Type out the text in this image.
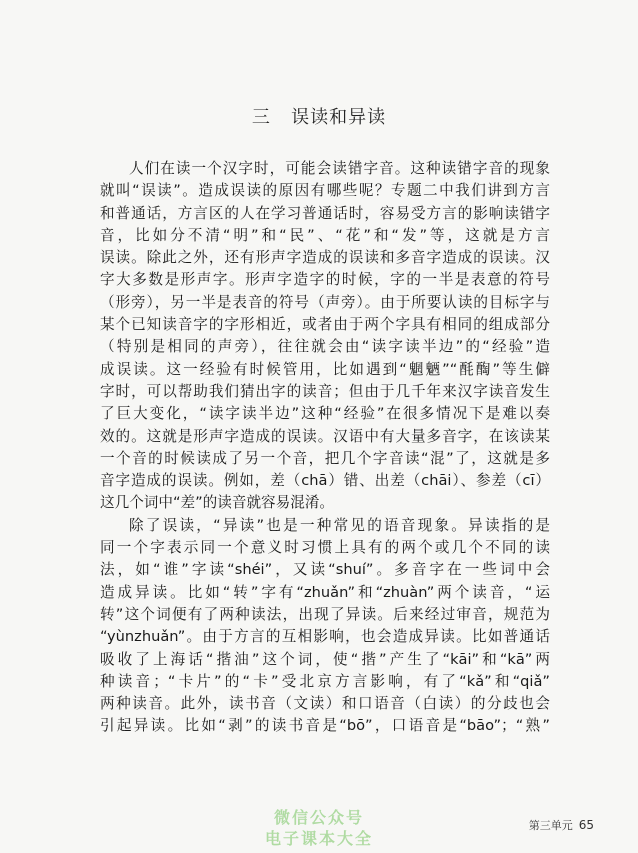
三   误读和异读
人们在读一个汉字时，可能会读错字音。这种读错字音的现象
就叫“误读”。造成误读的原因有哪些呢？专题二中我们讲到方言
和普通话，方言区的人在学习普通话时，容易受方言的影响读错字
音，比如分不清“明”和“民”、“花”和“发”等，这就是方言
误读。除此之外，还有形声字造成的误读和多音字造成的误读。汉
字大多数是形声字。形声字造字的时候，字的一半是表意的符号
（形旁），另一半是表音的符号（声旁）。由于所要认读的目标字与
某个已知读音字的字形相近，或者由于两个字具有相同的组成部分
（特别是相同的声旁），往往就会由“读字读半边”的“经验”造
成误读。这一经验有时候管用，比如遇到“魍魉”“酕醄”等生僻
字时，可以帮助我们猜出字的读音；但由于几千年来汉字读音发生
了巨大变化，“读字读半边”这种“经验”在很多情况下是难以奏
效的。这就是形声字造成的误读。汉语中有大量多音字，在该读某
一个音的时候读成了另一个音，把几个字音读“混”了，这就是多
音字造成的误读。例如，差（chā）错、出差（chāi）、参差（cī）
这几个词中“差”的读音就容易混淆。
除了误读，“异读”也是一种常见的语音现象。异读指的是
同一个字表示同一个意义时习惯上具有的两个或几个不同的读
法，如“谁”字读“shéi”，又读“shuí”。多音字在一些词中会
造成异读。比如“转”字有“zhuǎn”和“zhuàn”两个读音，“运
转”这个词便有了两种读法，出现了异读。后来经过审音，规范为
“yùnzhuǎn”。由于方言的互相影响，也会造成异读。比如普通话
吸收了上海话“揩油”这个词，使“揩”产生了“kāi”和“kā”两
种读音；“卡片”的“卡”受北京方言影响，有了“kǎ”和“qiǎ”
两种读音。此外，读书音（文读）和口语音（白读）的分歧也会
引起异读。比如“剥”的读书音是“bō”，口语音是“bāo”；“熟”
第三单元 65
微信公众号
电子课本大全
